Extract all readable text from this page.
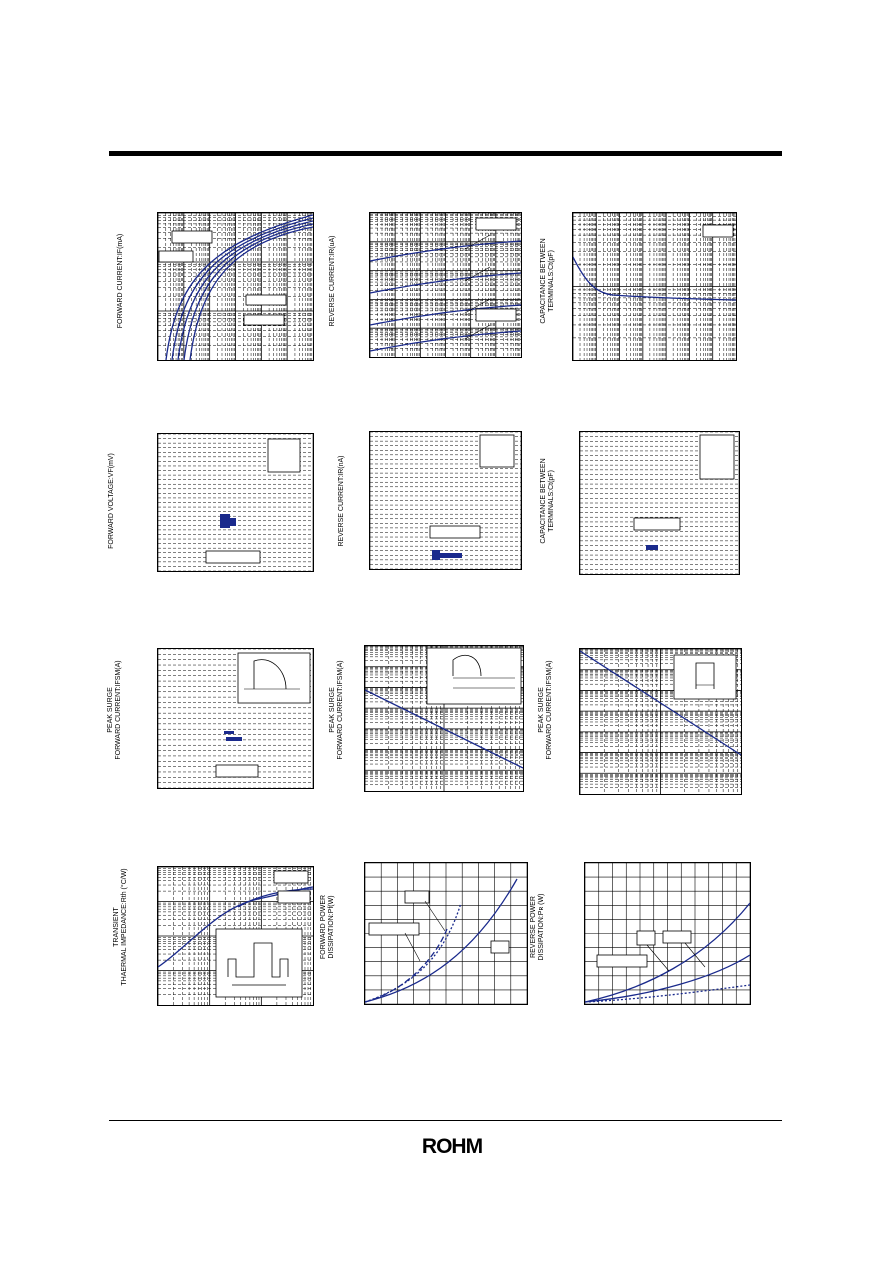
FORWARD CURRENT:IF(mA)	REVERSE CURRENT:IR(uA)	CAPACITANCE BETWEEN TERMINALS:Ct(pF)
FORWARD VOLTAGE:VF(mV)	REVERSE CURRENT:IR(nA)	CAPACITANCE BETWEEN TERMINALS:Ct(pF)
PEAK SURGE FORWARD CURRENT:IFSM(A)	PEAK SURGE FORWARD CURRENT:IFSM(A)	PEAK SURGE FORWARD CURRENT:IFSM(A)
TRANSIENT THAERMAL IMPEDANCE:Rth (°C/W)	FORWARD POWER DISSIPATION:Pf(W)	REVERSE POWER DISSIPATION:Pʀ (W)
ROHM
